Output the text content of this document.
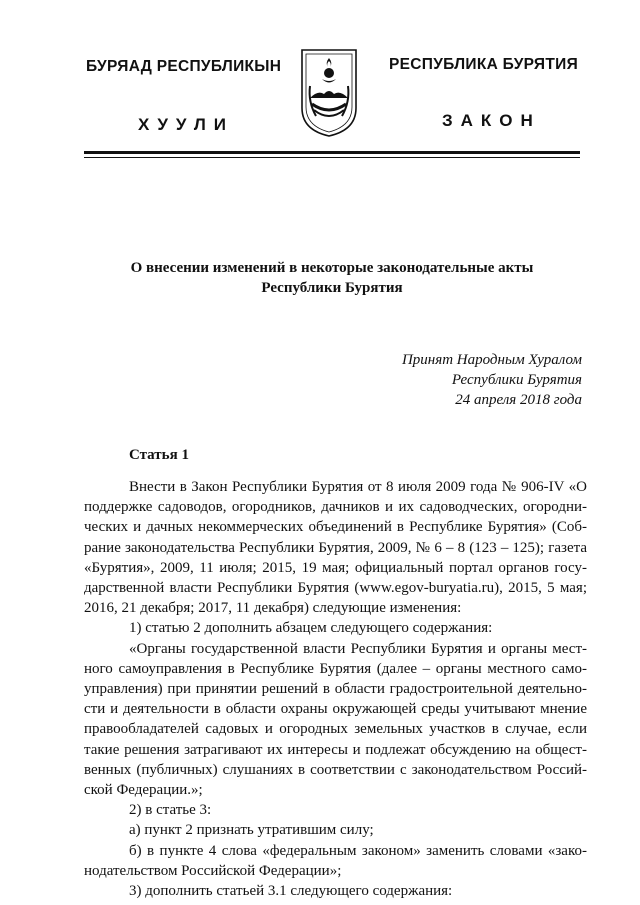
БУРЯАД РЕСПУБЛИКЫН
ХУУЛИ
РЕСПУБЛИКА БУРЯТИЯ
ЗАКОН
О внесении изменений в некоторые законодательные акты
Республики Бурятия
Принят Народным Хуралом
Республики Бурятия
24 апреля 2018 года
Статья 1
Внести в Закон Республики Бурятия от 8 июля 2009 года № 906-IV «О
поддержке садоводов, огородников, дачников и их садоводческих, огородни-
ческих и дачных некоммерческих объединений в Республике Бурятия» (Соб-
рание законодательства Республики Бурятия, 2009, № 6 – 8 (123 – 125); газета
«Бурятия», 2009, 11 июля; 2015, 19 мая; официальный портал органов госу-
дарственной власти Республики Бурятия (www.egov-buryatia.ru), 2015, 5 мая;
2016, 21 декабря; 2017, 11 декабря) следующие изменения:
1) статью 2 дополнить абзацем следующего содержания:
«Органы государственной власти Республики Бурятия и органы мест-
ного самоуправления в Республике Бурятия (далее – органы местного само-
управления) при принятии решений в области градостроительной деятельно-
сти и деятельности в области охраны окружающей среды учитывают мнение
правообладателей садовых и огородных земельных участков в случае, если
такие решения затрагивают их интересы и подлежат обсуждению на общест-
венных (публичных) слушаниях в соответствии с законодательством Россий-
ской Федерации.»;
2) в статье 3:
а) пункт 2 признать утратившим силу;
б) в пункте 4 слова «федеральным законом» заменить словами «зако-
нодательством Российской Федерации»;
3) дополнить статьей 3.1 следующего содержания:
